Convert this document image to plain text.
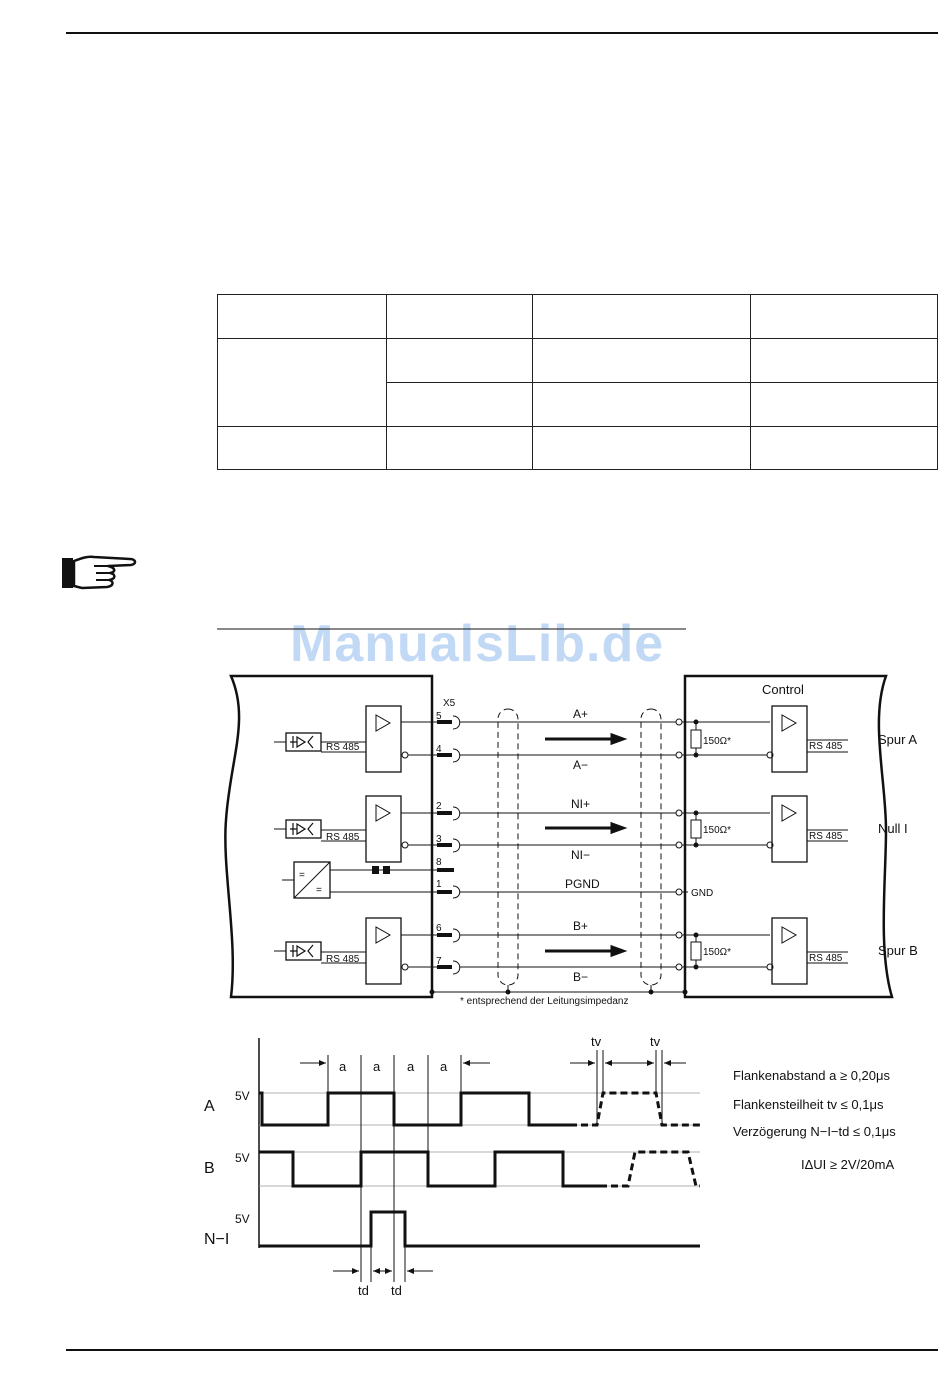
ManualsLib.de
X5
Control
RS 485
5
4
A+
A−
150Ω*	RS 485	Spur A
RS 485
2
3
NI+
NI−
150Ω*
RS 485
Null I
=
=
8
1	PGND
GND
RS 485
6
7
B+
B−
150Ω*
RS 485
Spur B
* entsprechend der Leitungsimpedanz
A
B
N−I
5V
5V
5V
a a a a
tv	tv
td td
Flankenabstand a ≥ 0,20μs
Flankensteilheit tv ≤ 0,1μs
Verzögerung N−I−td ≤ 0,1μs
IΔUI ≥ 2V/20mA
